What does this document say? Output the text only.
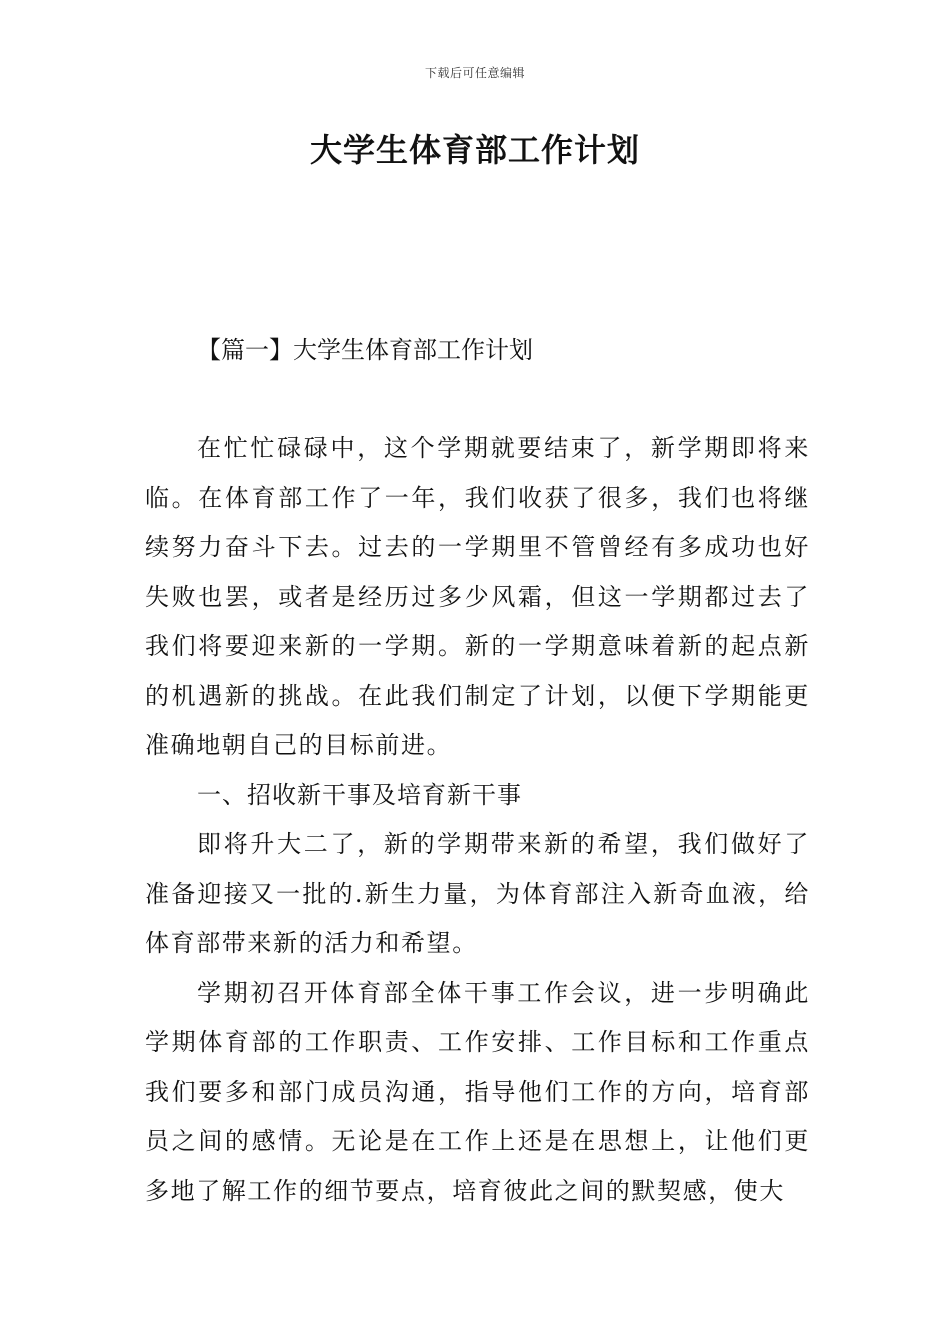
下载后可任意编辑
大学生体育部工作计划
【篇一】大学生体育部工作计划

在忙忙碌碌中，这个学期就要结束了，新学期即将来临。在体育部工作了一年，我们收获了很多，我们也将继续努力奋斗下去。过去的一学期里不管曾经有多成功也好失败也罢，或者是经历过多少风霜，但这一学期都过去了我们将要迎来新的一学期。新的一学期意味着新的起点新的机遇新的挑战。在此我们制定了计划，以便下学期能更准确地朝自己的目标前进。

一、招收新干事及培育新干事

即将升大二了，新的学期带来新的希望，我们做好了准备迎接又一批的.新生力量，为体育部注入新奇血液，给体育部带来新的活力和希望。

学期初召开体育部全体干事工作会议，进一步明确此学期体育部的工作职责、工作安排、工作目标和工作重点我们要多和部门成员沟通，指导他们工作的方向，培育部员之间的感情。无论是在工作上还是在思想上，让他们更多地了解工作的细节要点，培育彼此之间的默契感，使大
